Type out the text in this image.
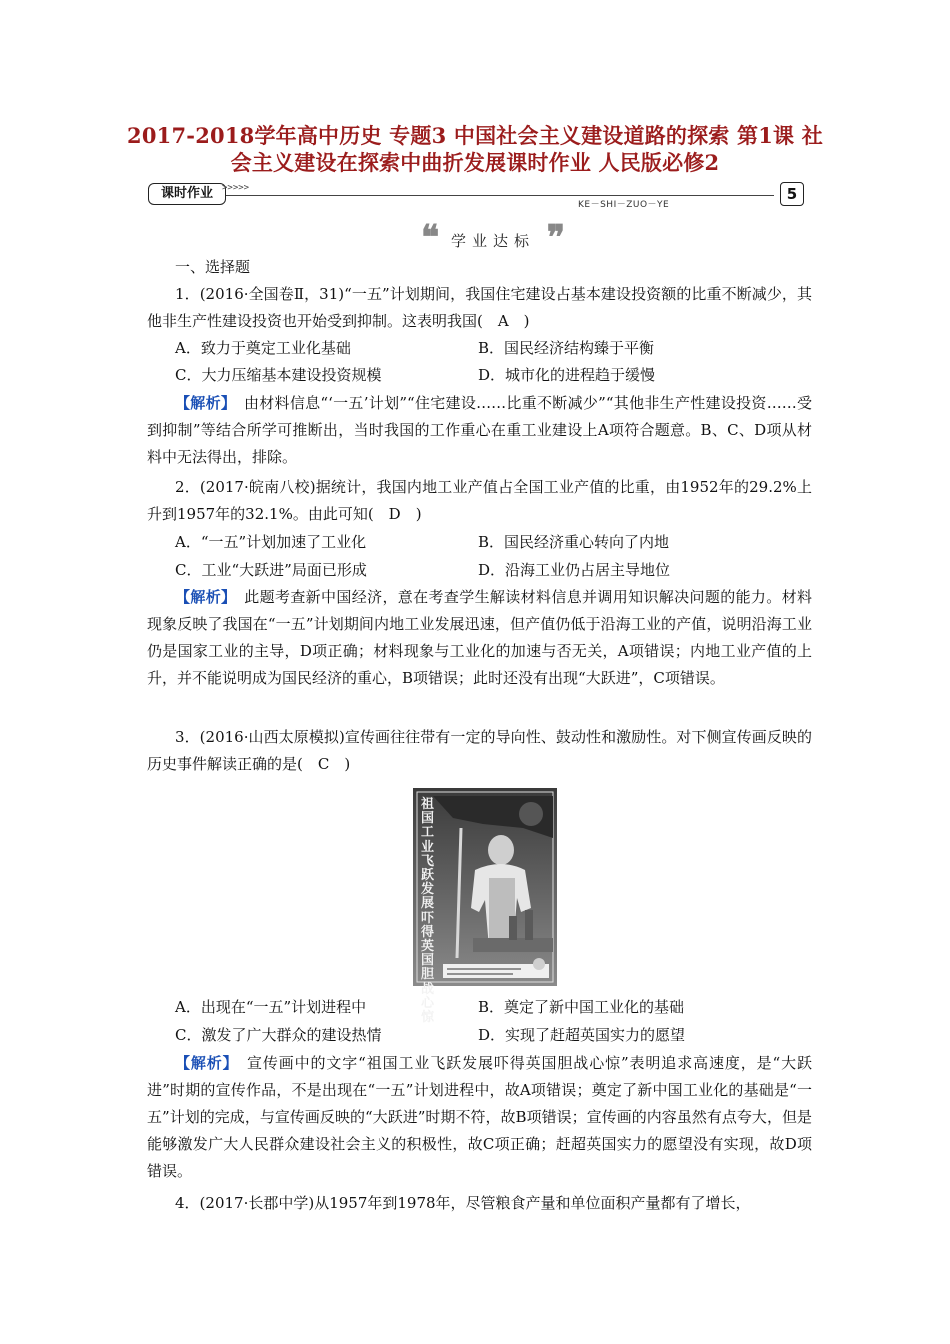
2017-2018学年高中历史 专题3 中国社会主义建设道路的探索 第1课 社会主义建设在探索中曲折发展课时作业 人民版必修2
课时作业	>>>>>
KE－SHI－ZUO－YE
5
❝ 学业达标 ❞
一、选择题
1．(2016·全国卷Ⅱ，31)“一五”计划期间，我国住宅建设占基本建设投资额的比重不断减少，其他非生产性建设投资也开始受到抑制。这表明我国(　A　)
A．致力于奠定工业化基础	B．国民经济结构臻于平衡
C．大力压缩基本建设投资规模	D．城市化的进程趋于缓慢
【解析】　由材料信息“‘一五’计划”“住宅建设……比重不断减少”“其他非生产性建设投资……受到抑制”等结合所学可推断出，当时我国的工作重心在重工业建设上A项符合题意。B、C、D项从材料中无法得出，排除。
2．(2017·皖南八校)据统计，我国内地工业产值占全国工业产值的比重，由1952年的29.2%上升到1957年的32.1%。由此可知(　D　)
A．“一五”计划加速了工业化	B．国民经济重心转向了内地
C．工业“大跃进”局面已形成	D．沿海工业仍占居主导地位
【解析】　此题考查新中国经济，意在考查学生解读材料信息并调用知识解决问题的能力。材料现象反映了我国在“一五”计划期间内地工业发展迅速，但产值仍低于沿海工业的产值，说明沿海工业仍是国家工业的主导，D项正确；材料现象与工业化的加速与否无关，A项错误；内地工业产值的上升，并不能说明成为国民经济的重心，B项错误；此时还没有出现“大跃进”，C项错误。
3．(2016·山西太原模拟)宣传画往往带有一定的导向性、鼓动性和激励性。对下侧宣传画反映的历史事件解读正确的是(　C　)
祖国工业飞跃发展吓得英国胆战心惊
A．出现在“一五”计划进程中	B．奠定了新中国工业化的基础
C．激发了广大群众的建设热情	D．实现了赶超英国实力的愿望
【解析】　宣传画中的文字“祖国工业飞跃发展吓得英国胆战心惊”表明追求高速度，是“大跃进”时期的宣传作品，不是出现在“一五”计划进程中，故A项错误；奠定了新中国工业化的基础是“一五”计划的完成，与宣传画反映的“大跃进”时期不符，故B项错误；宣传画的内容虽然有点夸大，但是能够激发广大人民群众建设社会主义的积极性，故C项正确；赶超英国实力的愿望没有实现，故D项错误。
4．(2017·长郡中学)从1957年到1978年，尽管粮食产量和单位面积产量都有了增长，
